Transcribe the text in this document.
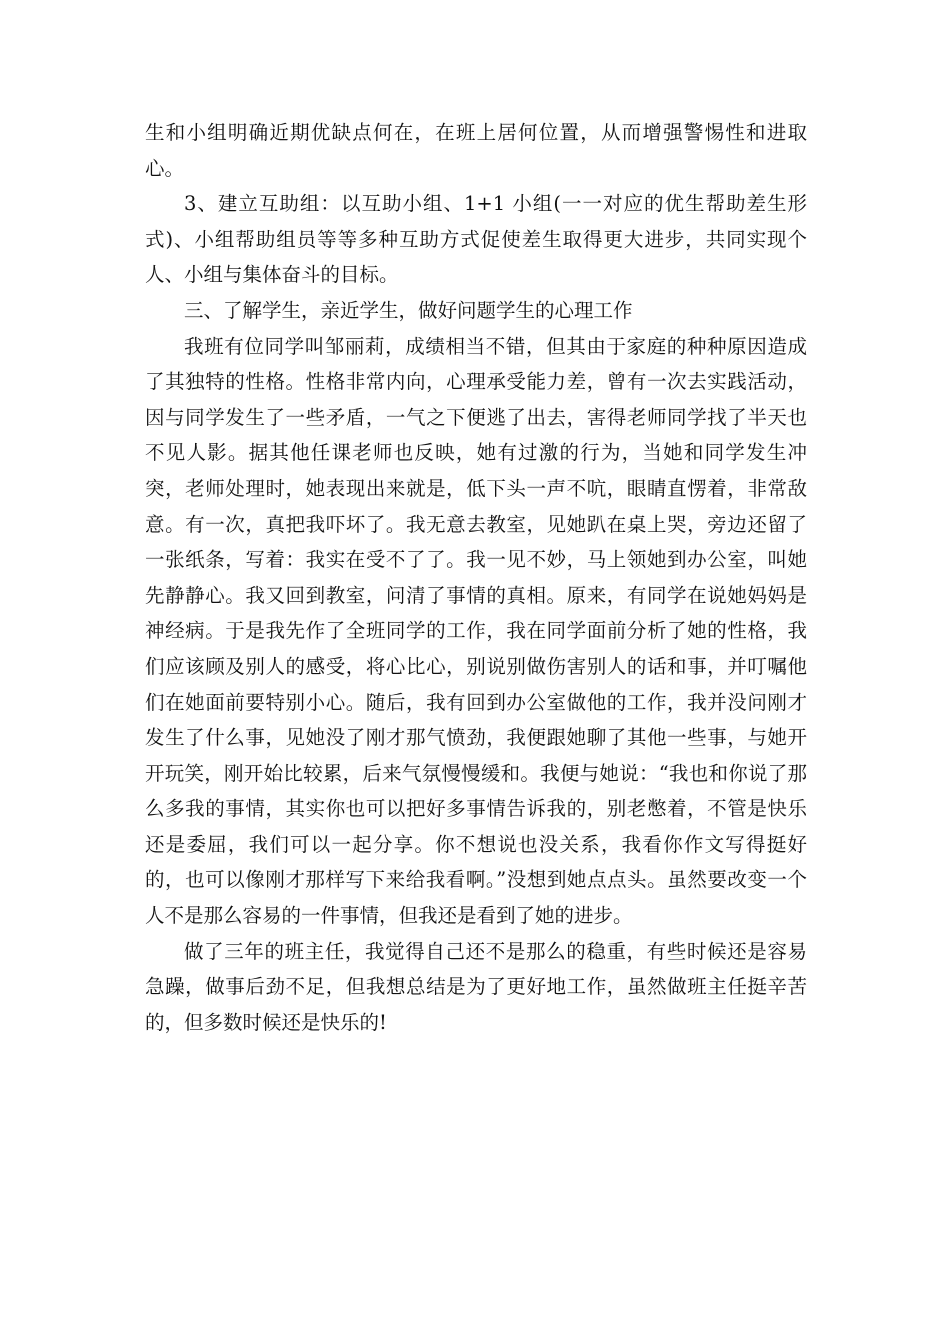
生和小组明确近期优缺点何在，在班上居何位置，从而增强警惕性和进取心。

3、建立互助组：以互助小组、1+1 小组(一一对应的优生帮助差生形式)、小组帮助组员等等多种互助方式促使差生取得更大进步，共同实现个人、小组与集体奋斗的目标。

三、了解学生，亲近学生，做好问题学生的心理工作

我班有位同学叫邹丽莉，成绩相当不错，但其由于家庭的种种原因造成了其独特的性格。性格非常内向，心理承受能力差，曾有一次去实践活动，因与同学发生了一些矛盾，一气之下便逃了出去，害得老师同学找了半天也不见人影。据其他任课老师也反映，她有过激的行为，当她和同学发生冲突，老师处理时，她表现出来就是，低下头一声不吭，眼睛直愣着，非常敌意。有一次，真把我吓坏了。我无意去教室，见她趴在桌上哭，旁边还留了一张纸条，写着：我实在受不了了。我一见不妙，马上领她到办公室，叫她先静静心。我又回到教室，问清了事情的真相。原来，有同学在说她妈妈是神经病。于是我先作了全班同学的工作，我在同学面前分析了她的性格，我们应该顾及别人的感受，将心比心，别说别做伤害别人的话和事，并叮嘱他们在她面前要特别小心。随后，我有回到办公室做他的工作，我并没问刚才发生了什么事，见她没了刚才那气愤劲，我便跟她聊了其他一些事，与她开开玩笑，刚开始比较累，后来气氛慢慢缓和。我便与她说：“我也和你说了那么多我的事情，其实你也可以把好多事情告诉我的，别老憋着，不管是快乐还是委屈，我们可以一起分享。你不想说也没关系，我看你作文写得挺好的，也可以像刚才那样写下来给我看啊。”没想到她点点头。虽然要改变一个人不是那么容易的一件事情，但我还是看到了她的进步。

做了三年的班主任，我觉得自己还不是那么的稳重，有些时候还是容易急躁，做事后劲不足，但我想总结是为了更好地工作，虽然做班主任挺辛苦的，但多数时候还是快乐的!
